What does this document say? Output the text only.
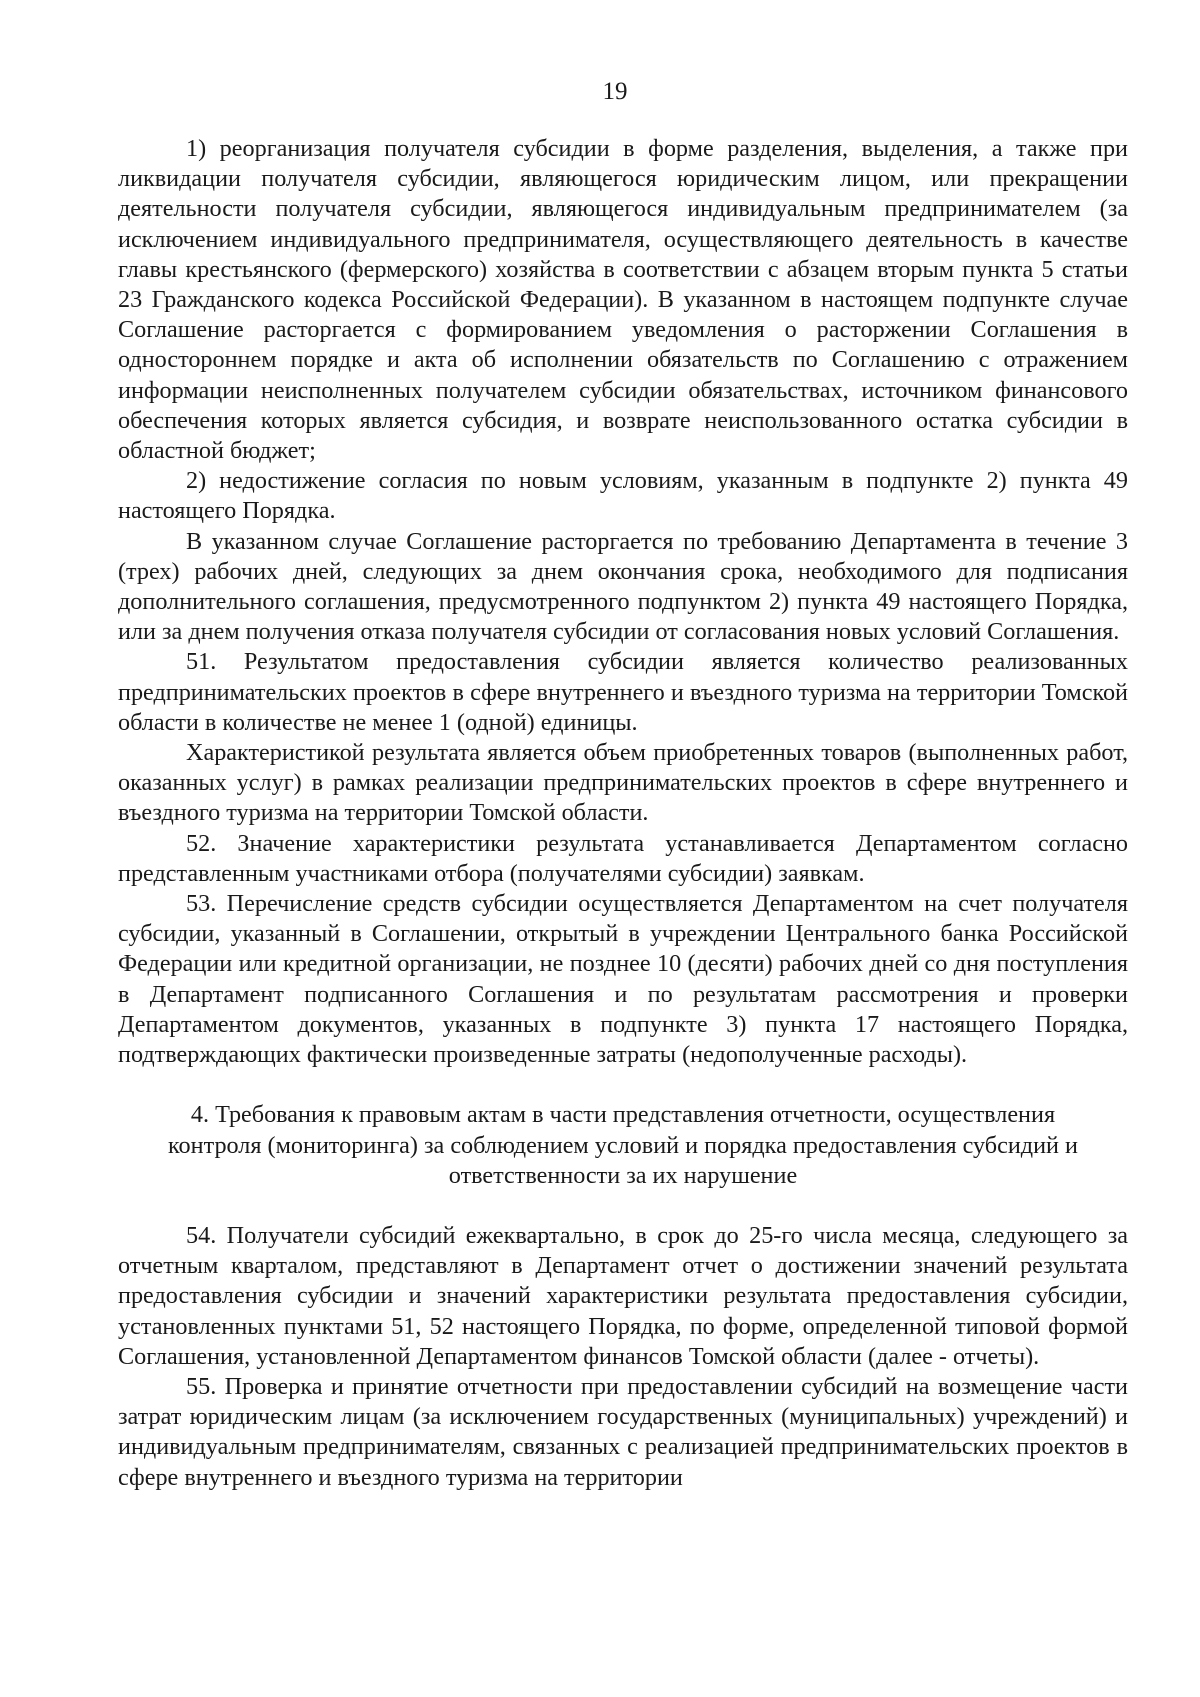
19

1) реорганизация получателя субсидии в форме разделения, выделения, а также при ликвидации получателя субсидии, являющегося юридическим лицом, или прекращении деятельности получателя субсидии, являющегося индивидуальным предпринимателем (за исключением индивидуального предпринимателя, осуществляющего деятельность в качестве главы крестьянского (фермерского) хозяйства в соответствии с абзацем вторым пункта 5 статьи 23 Гражданского кодекса Российской Федерации). В указанном в настоящем подпункте случае Соглашение расторгается с формированием уведомления о расторжении Соглашения в одностороннем порядке и акта об исполнении обязательств по Соглашению с отражением информации неисполненных получателем субсидии обязательствах, источником финансового обеспечения которых является субсидия, и возврате неиспользованного остатка субсидии в областной бюджет;

2) недостижение согласия по новым условиям, указанным в подпункте 2) пункта 49 настоящего Порядка.

В указанном случае Соглашение расторгается по требованию Департамента в течение 3 (трех) рабочих дней, следующих за днем окончания срока, необходимого для подписания дополнительного соглашения, предусмотренного подпунктом 2) пункта 49 настоящего Порядка, или за днем получения отказа получателя субсидии от согласования новых условий Соглашения.

51. Результатом предоставления субсидии является количество реализованных предпринимательских проектов в сфере внутреннего и въездного туризма на территории Томской области в количестве не менее 1 (одной) единицы.

Характеристикой результата является объем приобретенных товаров (выполненных работ, оказанных услуг) в рамках реализации предпринимательских проектов в сфере внутреннего и въездного туризма на территории Томской области.

52. Значение характеристики результата устанавливается Департаментом согласно представленным участниками отбора (получателями субсидии) заявкам.

53. Перечисление средств субсидии осуществляется Департаментом на счет получателя субсидии, указанный в Соглашении, открытый в учреждении Центрального банка Российской Федерации или кредитной организации, не позднее 10 (десяти) рабочих дней со дня поступления в Департамент подписанного Соглашения и по результатам рассмотрения и проверки Департаментом документов, указанных в подпункте 3) пункта 17 настоящего Порядка, подтверждающих фактически произведенные затраты (недополученные расходы).

4. Требования к правовым актам в части представления отчетности, осуществления
контроля (мониторинга) за соблюдением условий и порядка предоставления субсидий и
ответственности за их нарушение

54. Получатели субсидий ежеквартально, в срок до 25-го числа месяца, следующего за отчетным кварталом, представляют в Департамент отчет о достижении значений результата предоставления субсидии и значений характеристики результата предоставления субсидии, установленных пунктами 51, 52 настоящего Порядка, по форме, определенной типовой формой Соглашения, установленной Департаментом финансов Томской области (далее - отчеты).

55. Проверка и принятие отчетности при предоставлении субсидий на возмещение части затрат юридическим лицам (за исключением государственных (муниципальных) учреждений) и индивидуальным предпринимателям, связанных с реализацией предпринимательских проектов в сфере внутреннего и въездного туризма на территории
